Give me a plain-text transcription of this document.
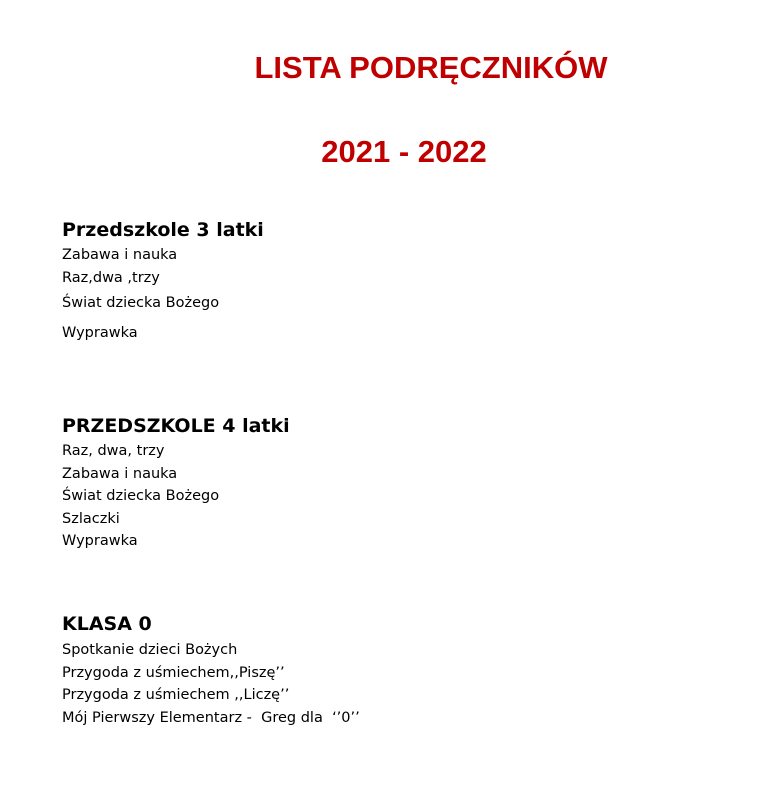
LISTA PODRĘCZNIKÓW
2021 - 2022
Przedszkole 3 latki

Zabawa i nauka

Raz,dwa ,trzy

Świat dziecka Bożego

Wyprawka

PRZEDSZKOLE 4 latki

Raz, dwa, trzy

Zabawa i nauka

Świat dziecka Bożego

Szlaczki

Wyprawka

KLASA 0

Spotkanie dzieci Bożych

Przygoda z uśmiechem,,Piszę’’

Przygoda z uśmiechem ,,Liczę’’

Mój Pierwszy Elementarz -  Greg dla  ‘’0’’
